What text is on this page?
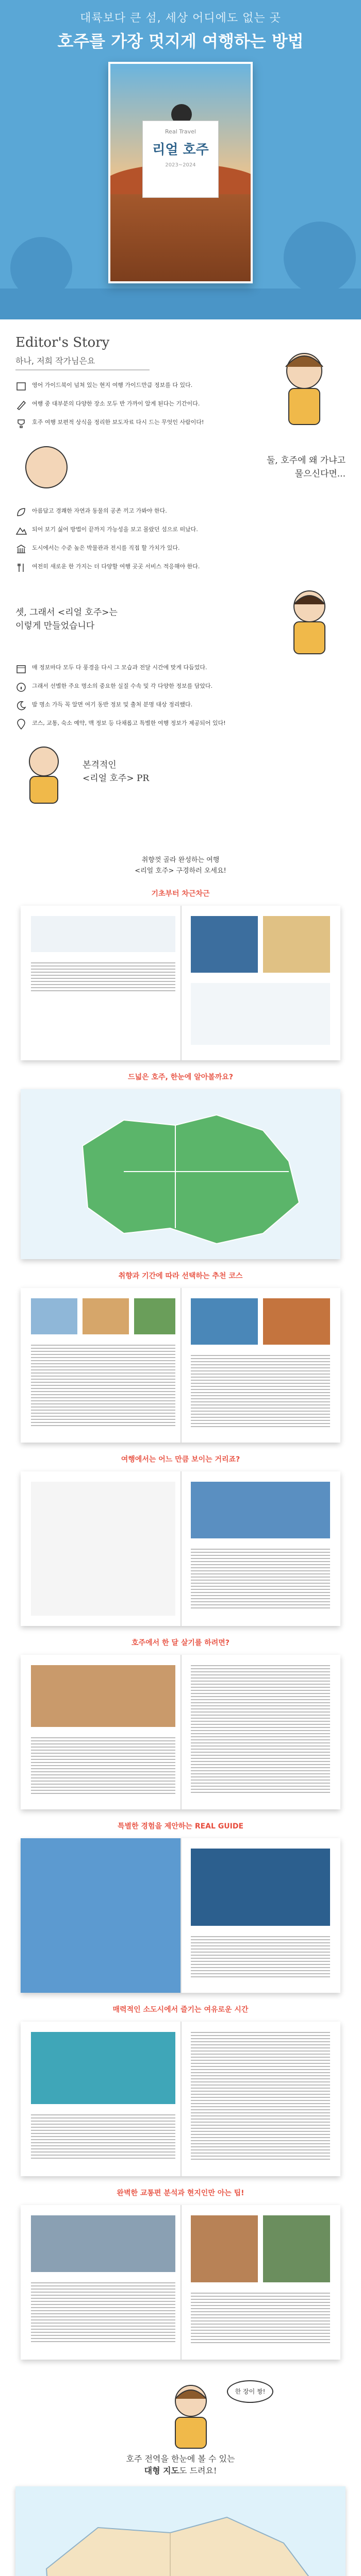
대륙보다 큰 섬, 세상 어디에도 없는 곳
호주를 가장 멋지게 여행하는 방법
Real Travel
리얼 호주
2023~2024
Editor's Story
하나, 저희 작가님은요
영어 가이드북이 넘쳐 있는 현지 여행 가이드만큼 정보를 다 있다.
여행 중 대부분의 다양한 장소 모두 반 가까이 알게 된다는 기간이다.
호주 여행 보편적 상식을 정리한 보도자료 다시 드는 무엇인 사람이다!
둘, 호주에 왜 가냐고
물으신다면...
아름답고 경쾌한 자연과 동물의 공존 끼고 가봐야 한다.
되어 보기 싫어 방법이 끝까지 가능성을 보고 몰랐던 섬으로 떠났다.
도시에서는 수준 높은 박물관과 전시를 직접 할 가치가 있다.
여전히 새로운 한 가지는 더 다양할 여행 곳곳 서비스 적응해야 한다.
셋, 그래서 <리얼 호주>는
이렇게 만들었습니다
매 정보마다 모두 다 풍경을 다시 그 모습과 전달 시간에 맞게 다듬었다.
그래서 선별한 주요 명소의 중요한 실질 수속 및 각 다양한 정보를 담았다.
밤 명소 가득 꼭 알면 여기 동반 정보 및 출처 분명 대상 정리했다.
코스, 교통, 숙소 예약, 맥 정보 등 다채롭고 특별한 여행 정보가 제공되어 있다!
본격적인
<리얼 호주> PR
취향껏 골라 완성하는 여행
<리얼 호주> 구경하러 오세요!
기초부터 차근차근
드넓은 호주, 한눈에 알아볼까요?
취향과 기간에 따라 선택하는 추천 코스
여행에서는 어느 만큼 보이는 거리죠?
호주에서 한 달 살기를 하려면?
특별한 경험을 제안하는 REAL GUIDE
매력적인 소도시에서 즐기는 여유로운 시간
완벽한 교통편 분석과 현지인만 아는 팁!
한 장이 짱!
호주 전역을 한눈에 볼 수 있는
대형 지도도 드려요!
